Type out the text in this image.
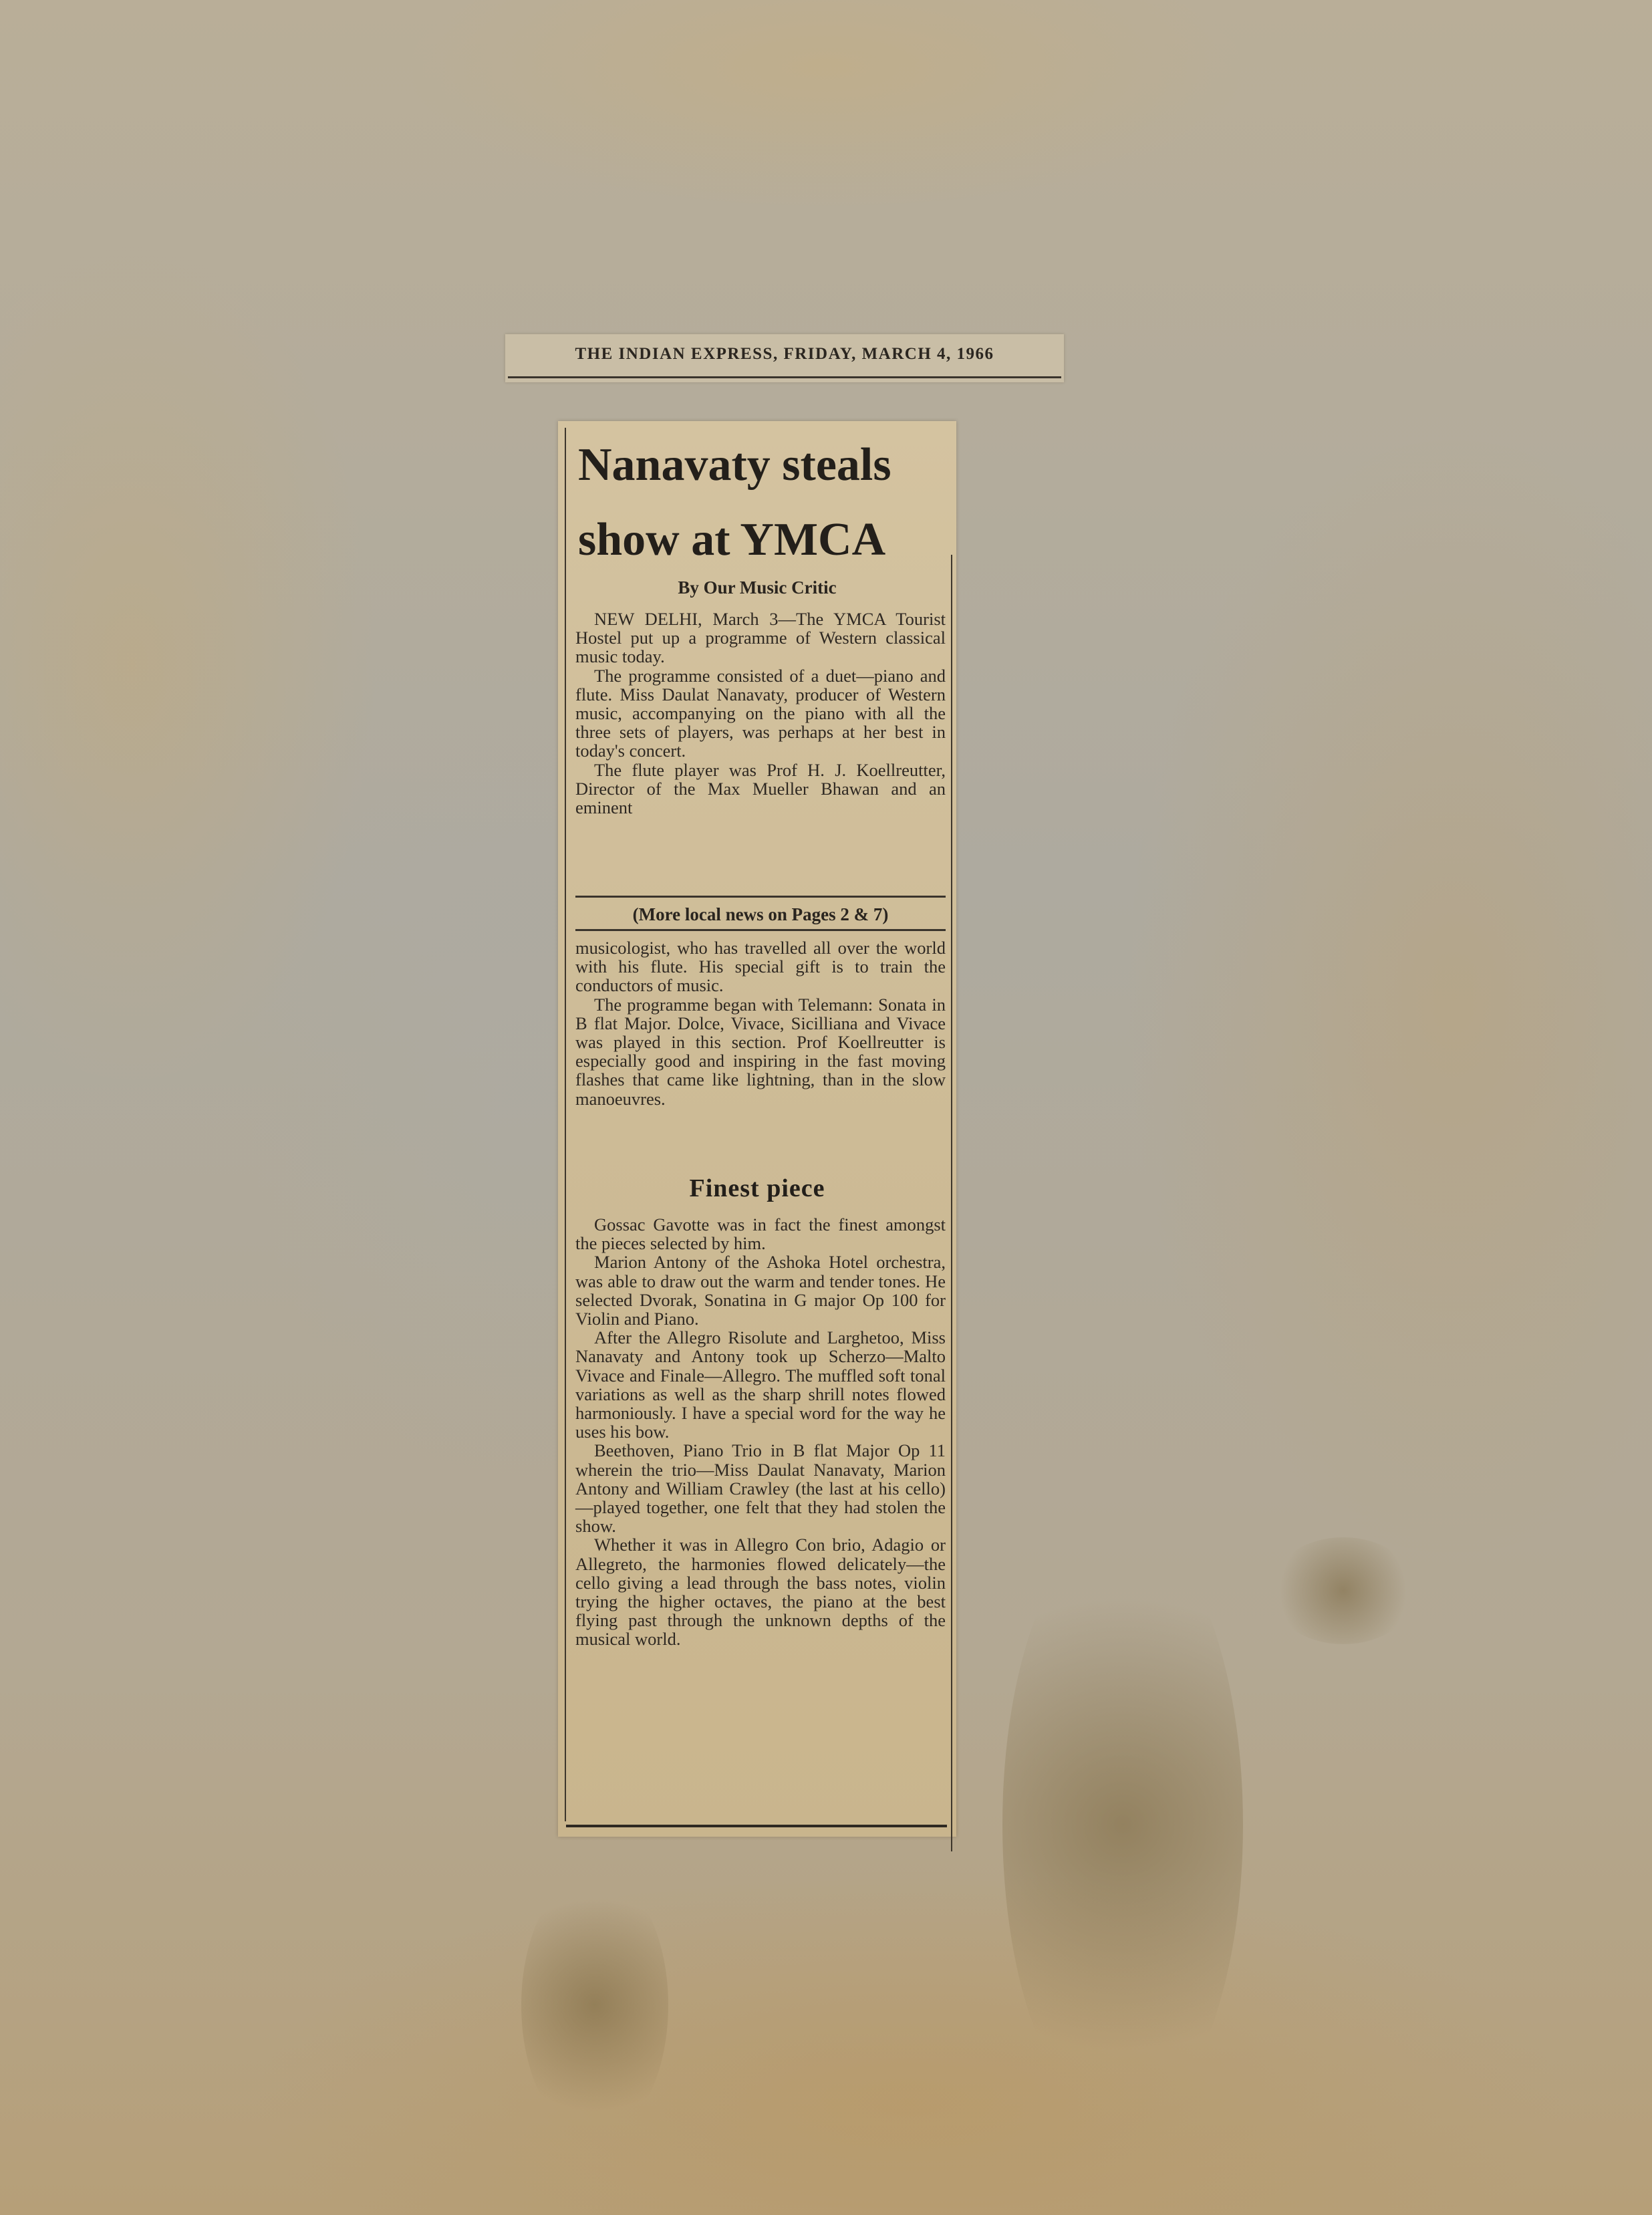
THE INDIAN EXPRESS, FRIDAY, MARCH 4, 1966
Nanavaty steals
show at YMCA
By Our Music Critic

NEW DELHI, March 3—The YMCA Tourist Hostel put up a programme of Western classical music today.

The programme consisted of a duet—piano and flute. Miss Daulat Nanavaty, producer of Western music, accompanying on the piano with all the three sets of players, was perhaps at her best in today's concert.

The flute player was Prof H. J. Koellreutter, Director of the Max Mueller Bhawan and an eminent

(More local news on Pages 2 & 7)

musicologist, who has travelled all over the world with his flute. His special gift is to train the conductors of music.

The programme began with Telemann: Sonata in B flat Major. Dolce, Vivace, Sicilliana and Vivace was played in this section. Prof Koellreutter is especially good and inspiring in the fast moving flashes that came like lightning, than in the slow manoeuvres.

Finest piece

Gossac Gavotte was in fact the finest amongst the pieces selected by him.

Marion Antony of the Ashoka Hotel orchestra, was able to draw out the warm and tender tones. He selected Dvorak, Sonatina in G major Op 100 for Violin and Piano.

After the Allegro Risolute and Larghetoo, Miss Nanavaty and Antony took up Scherzo—Malto Vivace and Finale—Allegro. The muffled soft tonal variations as well as the sharp shrill notes flowed harmoniously. I have a special word for the way he uses his bow.

Beethoven, Piano Trio in B flat Major Op 11 wherein the trio—Miss Daulat Nanavaty, Marion Antony and William Crawley (the last at his cello)—played together, one felt that they had stolen the show.

Whether it was in Allegro Con brio, Adagio or Allegreto, the harmonies flowed delicately—the cello giving a lead through the bass notes, violin trying the higher octaves, the piano at the best flying past through the unknown depths of the musical world.
